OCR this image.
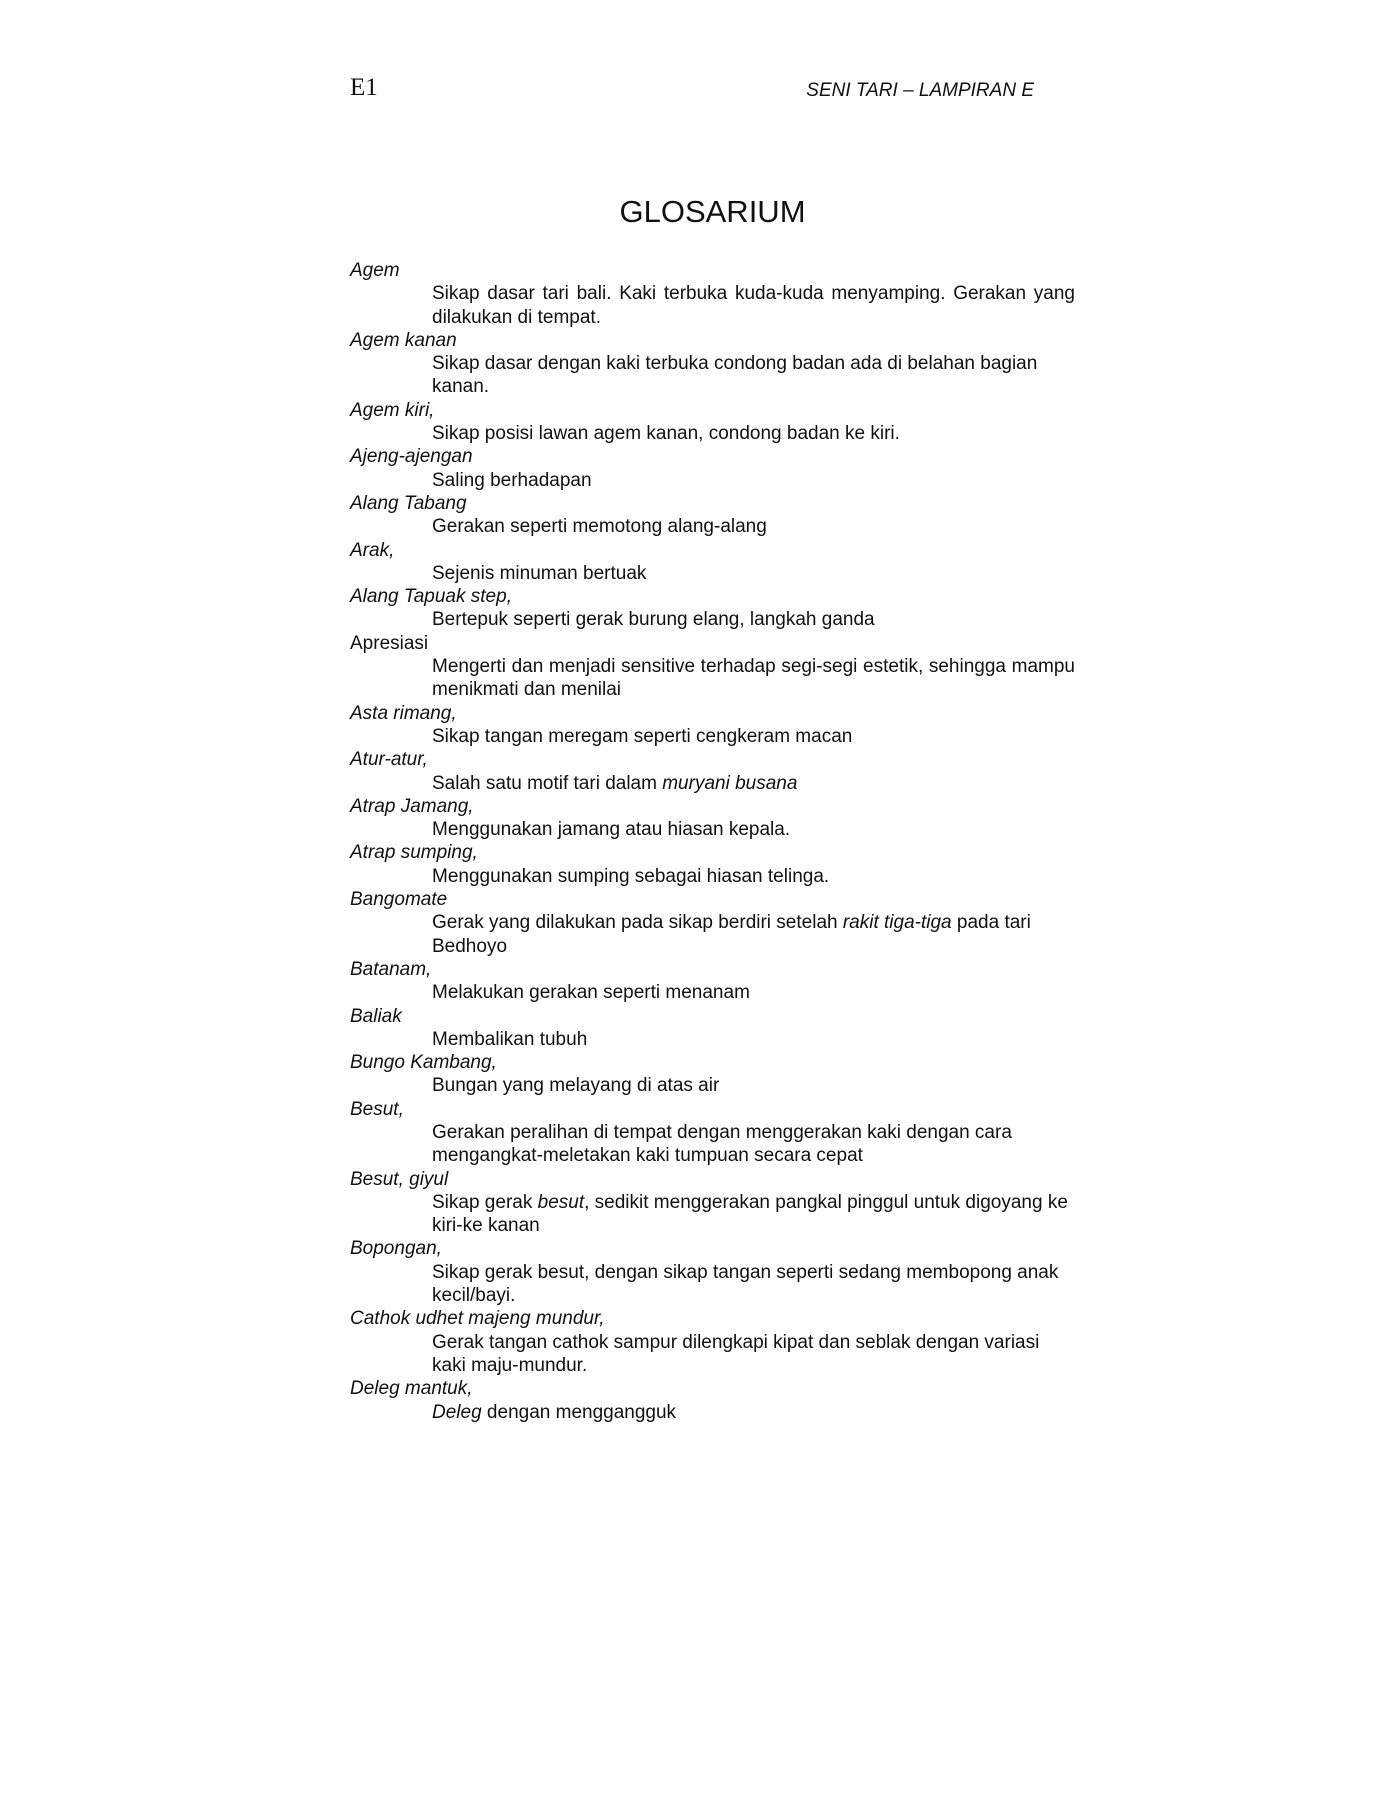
E1	SENI TARI – LAMPIRAN E
GLOSARIUM
Agem
Sikap dasar tari bali. Kaki terbuka kuda-kuda menyamping. Gerakan yang dilakukan di tempat.
Agem kanan
Sikap dasar dengan kaki terbuka condong badan ada di belahan bagian kanan.
Agem kiri,
Sikap posisi lawan agem kanan, condong badan ke kiri.
Ajeng-ajengan
Saling berhadapan
Alang Tabang
Gerakan seperti memotong alang-alang
Arak,
Sejenis minuman bertuak
Alang Tapuak step,
Bertepuk seperti gerak burung elang, langkah ganda
Apresiasi
Mengerti dan menjadi sensitive terhadap segi-segi estetik, sehingga mampu menikmati dan menilai
Asta rimang,
Sikap tangan meregam seperti cengkeram macan
Atur-atur,
Salah satu motif tari dalam muryani busana
Atrap Jamang,
Menggunakan jamang atau hiasan kepala.
Atrap sumping,
Menggunakan sumping sebagai hiasan telinga.
Bangomate
Gerak yang dilakukan pada sikap berdiri setelah rakit tiga-tiga pada tari Bedhoyo
Batanam,
Melakukan gerakan seperti menanam
Baliak
Membalikan tubuh
Bungo Kambang,
Bungan yang melayang di atas air
Besut,
Gerakan peralihan di tempat dengan menggerakan kaki dengan cara mengangkat-meletakan kaki tumpuan secara cepat
Besut, giyul
Sikap gerak besut, sedikit menggerakan pangkal pinggul untuk digoyang ke kiri-ke kanan
Bopongan,
Sikap gerak besut, dengan sikap tangan seperti sedang membopong anak kecil/bayi.
Cathok udhet majeng mundur,
Gerak tangan cathok sampur dilengkapi kipat dan seblak dengan variasi kaki maju-mundur.
Deleg mantuk,
Deleg dengan menggangguk
